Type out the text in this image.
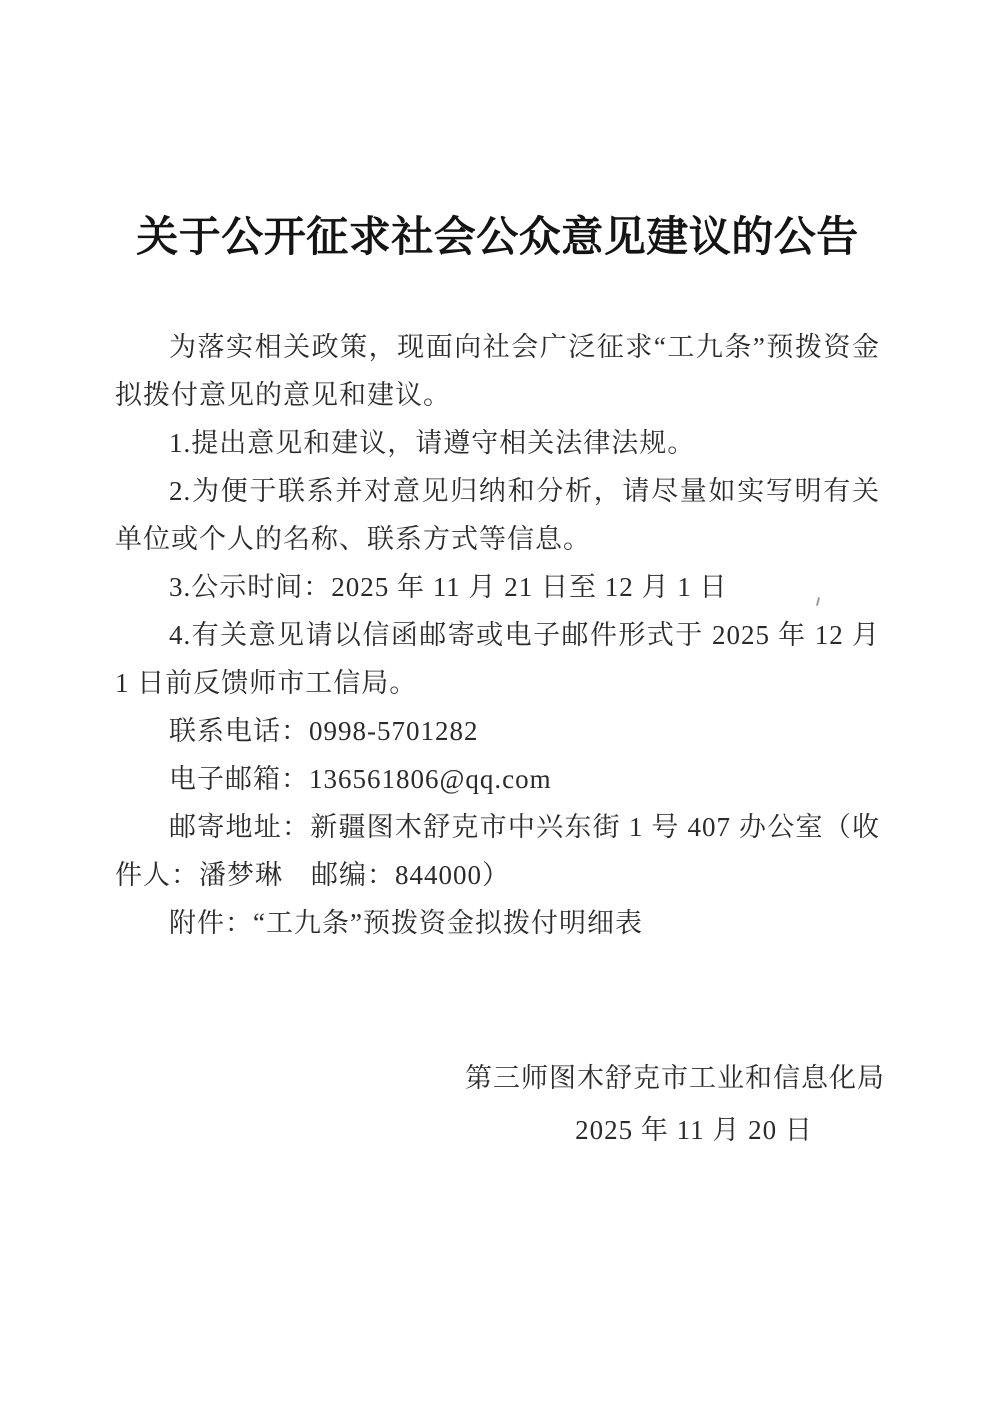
关于公开征求社会公众意见建议的公告

为落实相关政策，现面向社会广泛征求“工九条”预拨资金拟拨付意见的意见和建议。

1.提出意见和建议，请遵守相关法律法规。

2.为便于联系并对意见归纳和分析，请尽量如实写明有关单位或个人的名称、联系方式等信息。

3.公示时间：2025 年 11 月 21 日至 12 月 1 日

4.有关意见请以信函邮寄或电子邮件形式于 2025 年 12 月 1 日前反馈师市工信局。

联系电话：0998-5701282

电子邮箱：136561806@qq.com

邮寄地址：新疆图木舒克市中兴东街 1 号 407 办公室（收件人：潘梦琳　邮编：844000）

附件：“工九条”预拨资金拟拨付明细表

第三师图木舒克市工业和信息化局

2025 年 11 月 20 日
